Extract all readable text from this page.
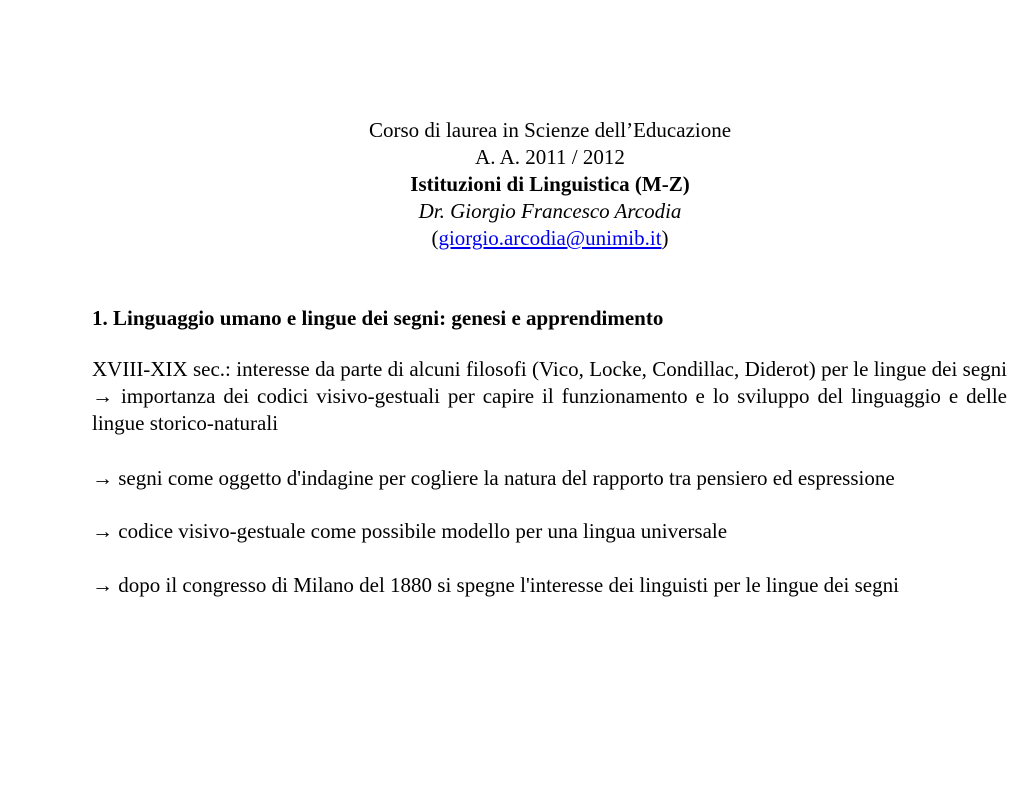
Corso di laurea in Scienze dell’Educazione
A. A. 2011 / 2012
Istituzioni di Linguistica (M-Z)
Dr. Giorgio Francesco Arcodia
(giorgio.arcodia@unimib.it)
1. Linguaggio umano e lingue dei segni: genesi e apprendimento
XVIII-XIX sec.: interesse da parte di alcuni filosofi (Vico, Locke, Condillac, Diderot) per le lingue dei segni → importanza dei codici visivo-gestuali per capire il funzionamento e lo sviluppo del linguaggio e delle lingue storico-naturali
→ segni come oggetto d'indagine per cogliere la natura del rapporto tra pensiero ed espressione
→ codice visivo-gestuale come possibile modello per una lingua universale
→ dopo il congresso di Milano del 1880 si spegne l'interesse dei linguisti per le lingue dei segni
